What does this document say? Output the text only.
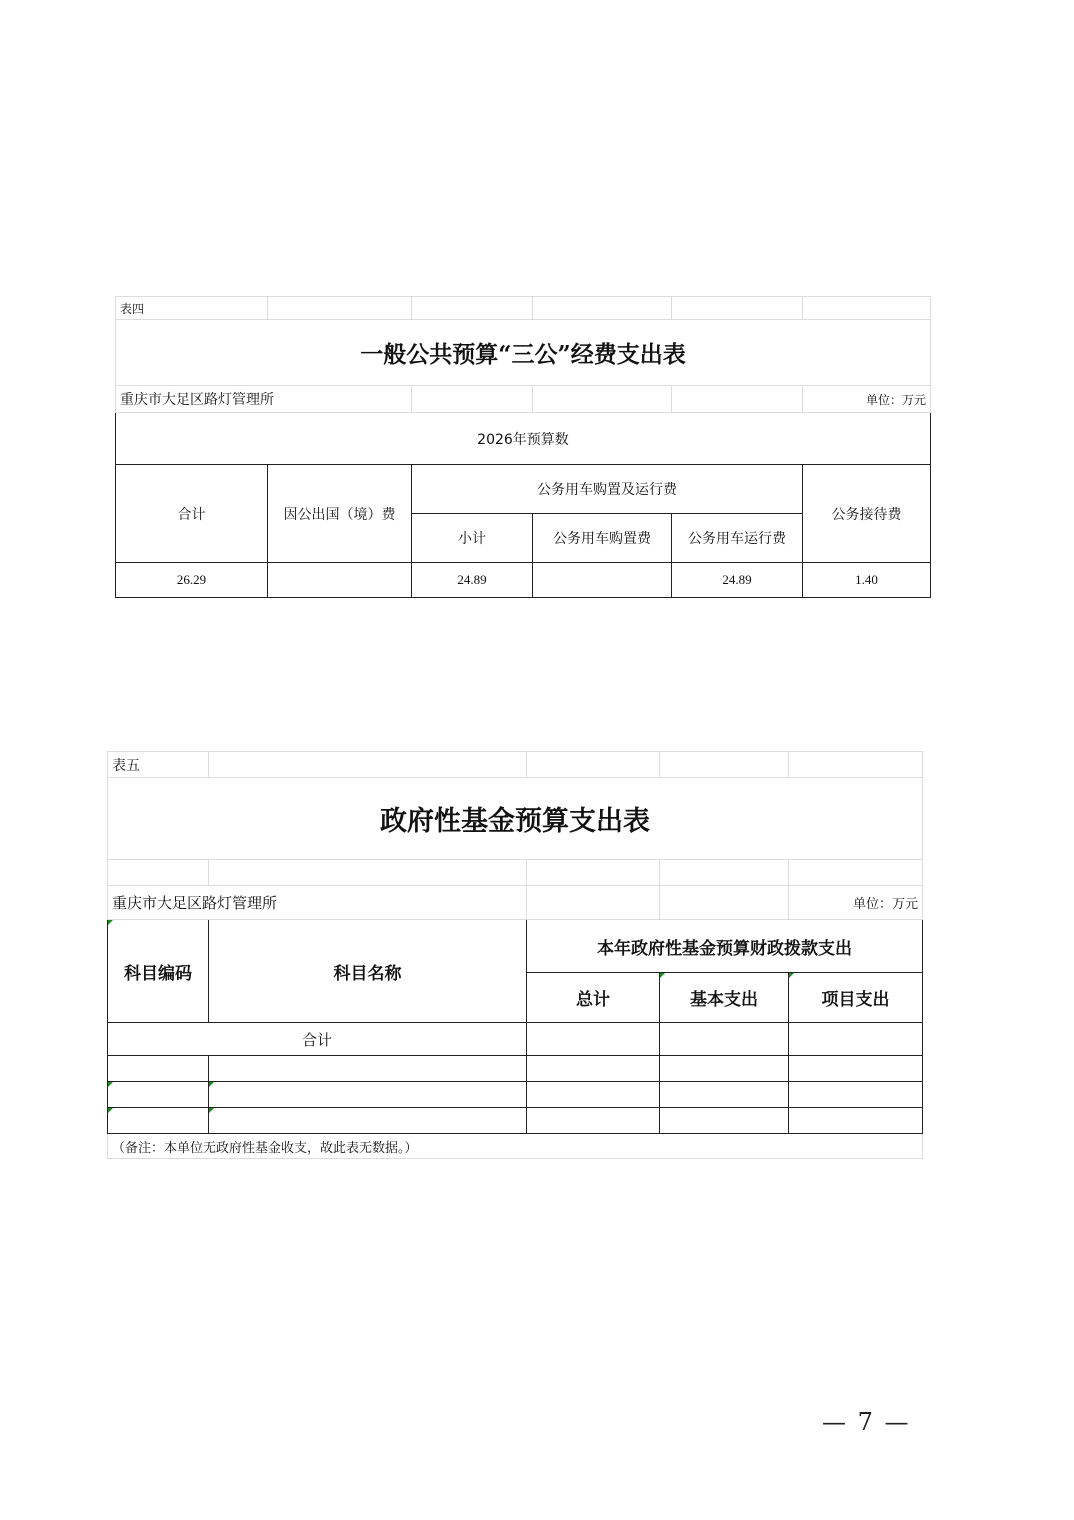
表四					
一般公共预算“三公”经费支出表					
重庆市大足区路灯管理所					单位：万元
2026年预算数					
合计	因公出国（境）费	公务用车购置及运行费			公务接待费
		小计	公务用车购置费	公务用车运行费	
26.29		24.89		24.89	1.40
表五				
政府性基金预算支出表				

重庆市大足区路灯管理所				单位：万元
科目编码	科目名称	本年政府性基金预算财政拨款支出		
		总计	基本支出	项目支出
合计				

（备注：本单位无政府性基金收支，故此表无数据。）				
— 7 —
